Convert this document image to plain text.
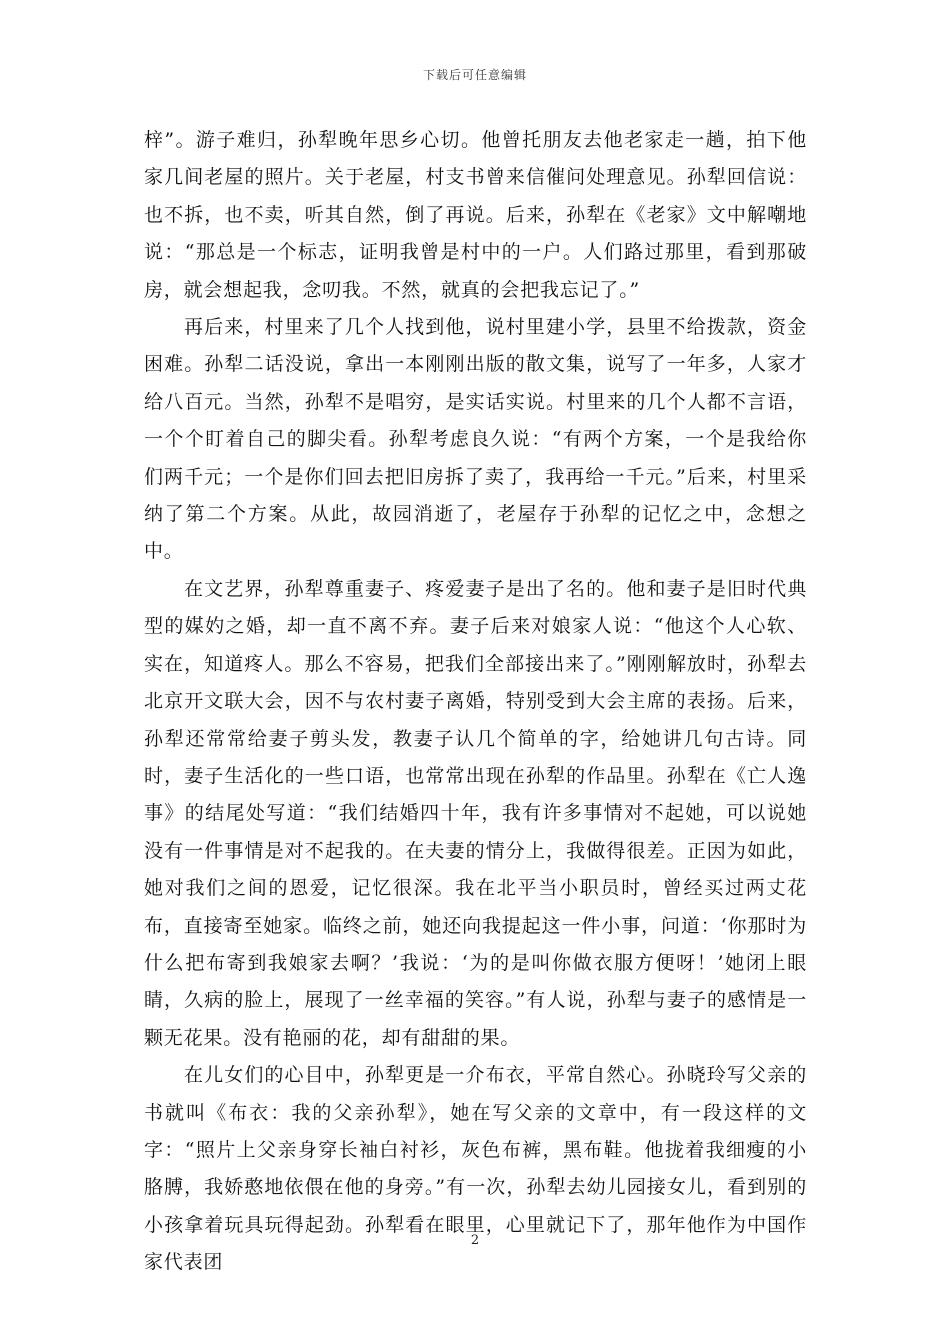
下载后可任意编辑

梓”。游子难归，孙犁晚年思乡心切。他曾托朋友去他老家走一趟，拍下他家几间老屋的照片。关于老屋，村支书曾来信催问处理意见。孙犁回信说：也不拆，也不卖，听其自然，倒了再说。后来，孙犁在《老家》文中解嘲地说：“那总是一个标志，证明我曾是村中的一户。人们路过那里，看到那破房，就会想起我，念叨我。不然，就真的会把我忘记了。”

再后来，村里来了几个人找到他，说村里建小学，县里不给拨款，资金困难。孙犁二话没说，拿出一本刚刚出版的散文集，说写了一年多，人家才给八百元。当然，孙犁不是唱穷，是实话实说。村里来的几个人都不言语，一个个盯着自己的脚尖看。孙犁考虑良久说：“有两个方案，一个是我给你们两千元；一个是你们回去把旧房拆了卖了，我再给一千元。”后来，村里采纳了第二个方案。从此，故园消逝了，老屋存于孙犁的记忆之中，念想之中。

在文艺界，孙犁尊重妻子、疼爱妻子是出了名的。他和妻子是旧时代典型的媒妁之婚，却一直不离不弃。妻子后来对娘家人说：“他这个人心软、实在，知道疼人。那么不容易，把我们全部接出来了。”刚刚解放时，孙犁去北京开文联大会，因不与农村妻子离婚，特别受到大会主席的表扬。后来，孙犁还常常给妻子剪头发，教妻子认几个简单的字，给她讲几句古诗。同时，妻子生活化的一些口语，也常常出现在孙犁的作品里。孙犁在《亡人逸事》的结尾处写道：“我们结婚四十年，我有许多事情对不起她，可以说她没有一件事情是对不起我的。在夫妻的情分上，我做得很差。正因为如此，她对我们之间的恩爱，记忆很深。我在北平当小职员时，曾经买过两丈花布，直接寄至她家。临终之前，她还向我提起这一件小事，问道：‘你那时为什么把布寄到我娘家去啊？’我说：‘为的是叫你做衣服方便呀！’她闭上眼睛，久病的脸上，展现了一丝幸福的笑容。”有人说，孙犁与妻子的感情是一颗无花果。没有艳丽的花，却有甜甜的果。

在儿女们的心目中，孙犁更是一介布衣，平常自然心。孙晓玲写父亲的书就叫《布衣：我的父亲孙犁》，她在写父亲的文章中，有一段这样的文字：“照片上父亲身穿长袖白衬衫，灰色布裤，黑布鞋。他拢着我细瘦的小胳膊，我娇憨地依偎在他的身旁。”有一次，孙犁去幼儿园接女儿，看到别的小孩拿着玩具玩得起劲。孙犁看在眼里，心里就记下了，那年他作为中国作家代表团

2
